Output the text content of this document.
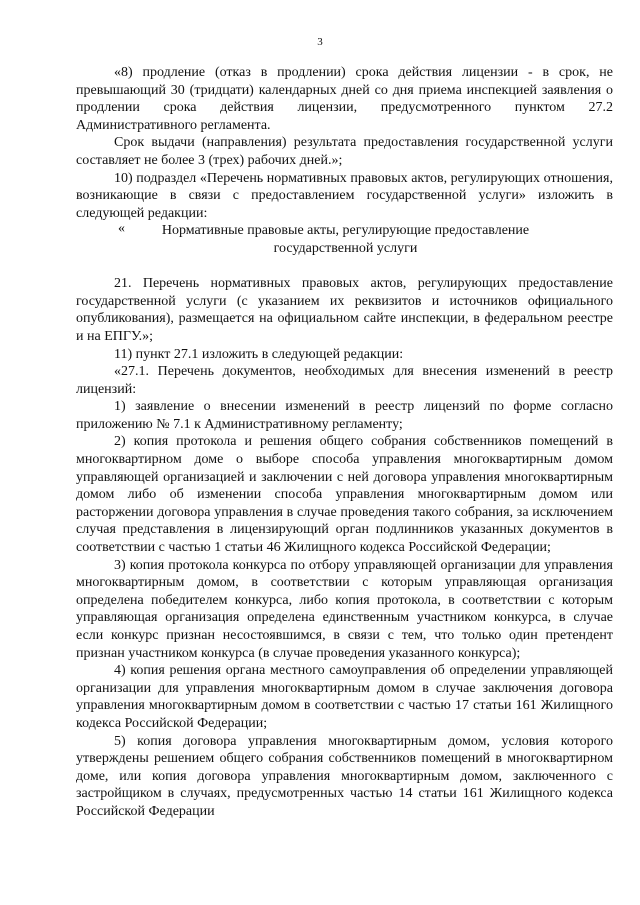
3

«8) продление (отказ в продлении) срока действия лицензии - в срок, не превышающий 30 (тридцати) календарных дней со дня приема инспекцией заявления о продлении срока действия лицензии, предусмотренного пунктом 27.2 Административного регламента.

Срок выдачи (направления) результата предоставления государственной услуги составляет не более 3 (трех) рабочих дней.»;

10) подраздел «Перечень нормативных правовых актов, регулирующих отношения, возникающие в связи с предоставлением государственной услуги» изложить в следующей редакции:

Нормативные правовые акты, регулирующие предоставление государственной услуги

21. Перечень нормативных правовых актов, регулирующих предоставление государственной услуги (с указанием их реквизитов и источников официального опубликования), размещается на официальном сайте инспекции, в федеральном реестре и на ЕПГУ.»;

11) пункт 27.1 изложить в следующей редакции:

«27.1. Перечень документов, необходимых для внесения изменений в реестр лицензий:

1) заявление о внесении изменений в реестр лицензий по форме согласно приложению № 7.1 к Административному регламенту;

2) копия протокола и решения общего собрания собственников помещений в многоквартирном доме о выборе способа управления многоквартирным домом управляющей организацией и заключении с ней договора управления многоквартирным домом либо об изменении способа управления многоквартирным домом или расторжении договора управления в случае проведения такого собрания, за исключением случая представления в лицензирующий орган подлинников указанных документов в соответствии с частью 1 статьи 46 Жилищного кодекса Российской Федерации;

3) копия протокола конкурса по отбору управляющей организации для управления многоквартирным домом, в соответствии с которым управляющая организация определена победителем конкурса, либо копия протокола, в соответствии с которым управляющая организация определена единственным участником конкурса, в случае если конкурс признан несостоявшимся, в связи с тем, что только один претендент признан участником конкурса (в случае проведения указанного конкурса);

4) копия решения органа местного самоуправления об определении управляющей организации для управления многоквартирным домом в случае заключения договора управления многоквартирным домом в соответствии с частью 17 статьи 161 Жилищного кодекса Российской Федерации;

5) копия договора управления многоквартирным домом, условия которого утверждены решением общего собрания собственников помещений в многоквартирном доме, или копия договора управления многоквартирным домом, заключенного с застройщиком в случаях, предусмотренных частью 14 статьи 161 Жилищного кодекса Российской Федерации

«
